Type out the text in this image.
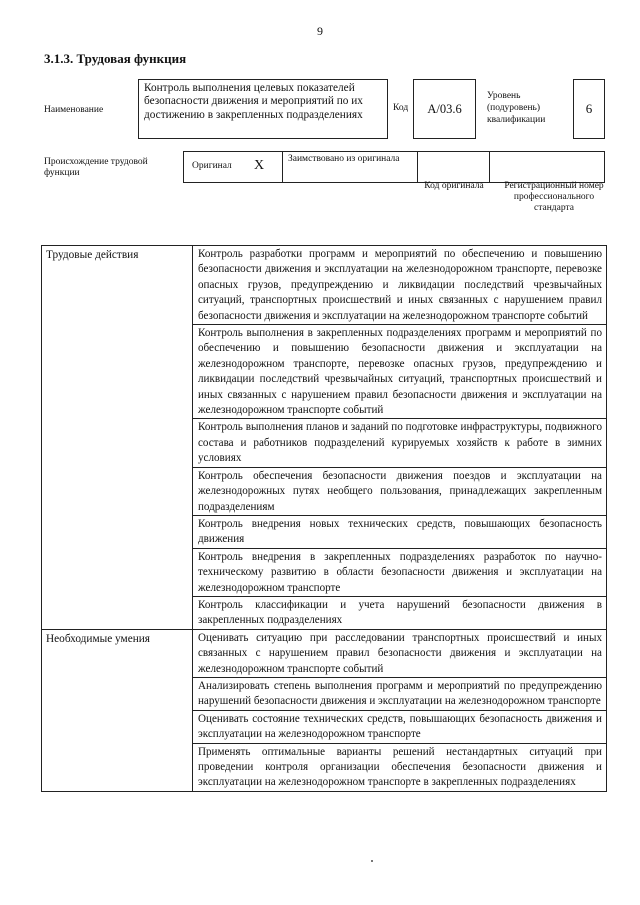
9
3.1.3. Трудовая функция
Наименование
Контроль выполнения целевых показателей безопасности движения и мероприятий по их достижению в закрепленных подразделениях
Код A/03.6
Уровень (подуровень) квалификации
6
Происхождение трудовой функции
Оригинал X	Заимствовано из оригинала
Код оригинала	Регистрационный номер профессионального стандарта
Трудовые действия	Контроль разработки программ и мероприятий по обеспечению и повышению безопасности движения и эксплуатации на железнодорожном транспорте, перевозке опасных грузов, предупреждению и ликвидации последствий чрезвычайных ситуаций, транспортных происшествий и иных связанных с нарушением правил безопасности движения и эксплуатации на железнодорожном транспорте событий
	Контроль выполнения в закрепленных подразделениях программ и мероприятий по обеспечению и повышению безопасности движения и эксплуатации на железнодорожном транспорте, перевозке опасных грузов, предупреждению и ликвидации последствий чрезвычайных ситуаций, транспортных происшествий и иных связанных с нарушением правил безопасности движения и эксплуатации на железнодорожном транспорте событий
	Контроль выполнения планов и заданий по подготовке инфраструктуры, подвижного состава и работников подразделений курируемых хозяйств к работе в зимних условиях
	Контроль обеспечения безопасности движения поездов и эксплуатации на железнодорожных путях необщего пользования, принадлежащих закрепленным подразделениям
	Контроль внедрения новых технических средств, повышающих безопасность движения
	Контроль внедрения в закрепленных подразделениях разработок по научно-техническому развитию в области безопасности движения и эксплуатации на железнодорожном транспорте
	Контроль классификации и учета нарушений безопасности движения в закрепленных подразделениях
Необходимые умения	Оценивать ситуацию при расследовании транспортных происшествий и иных связанных с нарушением правил безопасности движения и эксплуатации на железнодорожном транспорте событий
	Анализировать степень выполнения программ и мероприятий по предупреждению нарушений безопасности движения и эксплуатации на железнодорожном транспорте
	Оценивать состояние технических средств, повышающих безопасность движения и эксплуатации на железнодорожном транспорте
	Применять оптимальные варианты решений нестандартных ситуаций при проведении контроля организации обеспечения безопасности движения и эксплуатации на железнодорожном транспорте в закрепленных подразделениях
